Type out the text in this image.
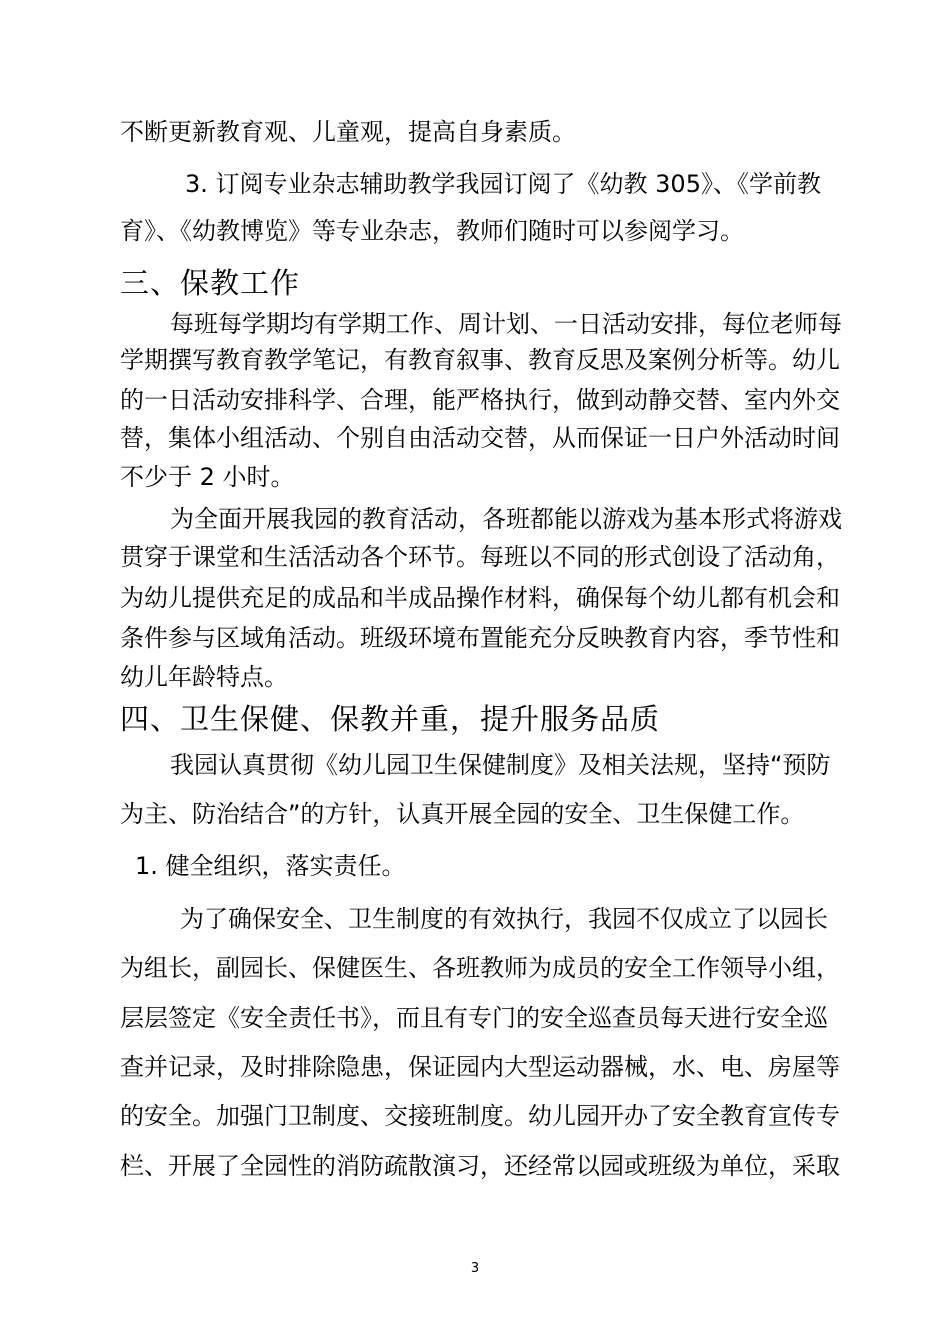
不断更新教育观、儿童观，提高自身素质。
3. 订阅专业杂志辅助教学我园订阅了《幼教 305》、《学前教
育》、《幼教博览》等专业杂志，教师们随时可以参阅学习。
三、保教工作
每班每学期均有学期工作、周计划、一日活动安排，每位老师每
学期撰写教育教学笔记，有教育叙事、教育反思及案例分析等。幼儿
的一日活动安排科学、合理，能严格执行，做到动静交替、室内外交
替，集体小组活动、个别自由活动交替，从而保证一日户外活动时间
不少于 2 小时。
为全面开展我园的教育活动，各班都能以游戏为基本形式将游戏
贯穿于课堂和生活活动各个环节。每班以不同的形式创设了活动角，
为幼儿提供充足的成品和半成品操作材料，确保每个幼儿都有机会和
条件参与区域角活动。班级环境布置能充分反映教育内容，季节性和
幼儿年龄特点。
四、卫生保健、保教并重，提升服务品质
我园认真贯彻《幼儿园卫生保健制度》及相关法规，坚持“预防
为主、防治结合”的方针，认真开展全园的安全、卫生保健工作。
1. 健全组织，落实责任。
为了确保安全、卫生制度的有效执行，我园不仅成立了以园长
为组长，副园长、保健医生、各班教师为成员的安全工作领导小组，
层层签定《安全责任书》，而且有专门的安全巡查员每天进行安全巡
查并记录，及时排除隐患，保证园内大型运动器械，水、电、房屋等
的安全。加强门卫制度、交接班制度。幼儿园开办了安全教育宣传专
栏、开展了全园性的消防疏散演习，还经常以园或班级为单位，采取
3
